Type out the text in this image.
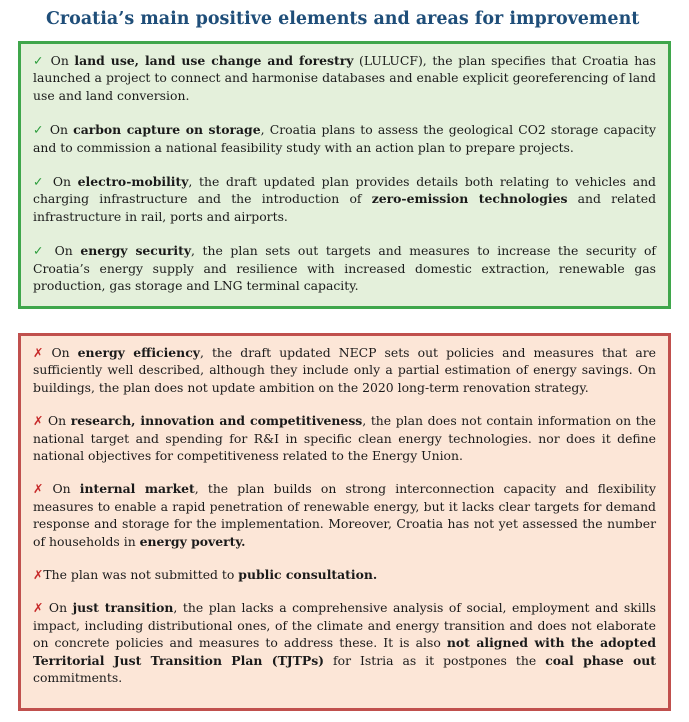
Croatia’s main positive elements and areas for improvement

✓ On land use, land use change and forestry (LULUCF), the plan specifies that Croatia has launched a project to connect and harmonise databases and enable explicit georeferencing of land use and land conversion.

✓ On carbon capture on storage, Croatia plans to assess the geological CO2 storage capacity and to commission a national feasibility study with an action plan to prepare projects.

✓ On electro-mobility, the draft updated plan provides details both relating to vehicles and charging infrastructure and the introduction of zero-emission technologies and related infrastructure in rail, ports and airports.

✓ On energy security, the plan sets out targets and measures to increase the security of Croatia’s energy supply and resilience with increased domestic extraction, renewable gas production, gas storage and LNG terminal capacity.

✗ On energy efficiency, the draft updated NECP sets out policies and measures that are sufficiently well described, although they include only a partial estimation of energy savings. On buildings, the plan does not update ambition on the 2020 long-term renovation strategy.

✗ On research, innovation and competitiveness, the plan does not contain information on the national target and spending for R&I in specific clean energy technologies. nor does it define national objectives for competitiveness related to the Energy Union.

✗ On internal market, the plan builds on strong interconnection capacity and flexibility measures to enable a rapid penetration of renewable energy, but it lacks clear targets for demand response and storage for the implementation. Moreover, Croatia has not yet assessed the number of households in energy poverty.

✗The plan was not submitted to public consultation.

✗ On just transition, the plan lacks a comprehensive analysis of social, employment and skills impact, including distributional ones, of the climate and energy transition and does not elaborate on concrete policies and measures to address these. It is also not aligned with the adopted Territorial Just Transition Plan (TJTPs) for Istria as it postpones the coal phase out commitments.
